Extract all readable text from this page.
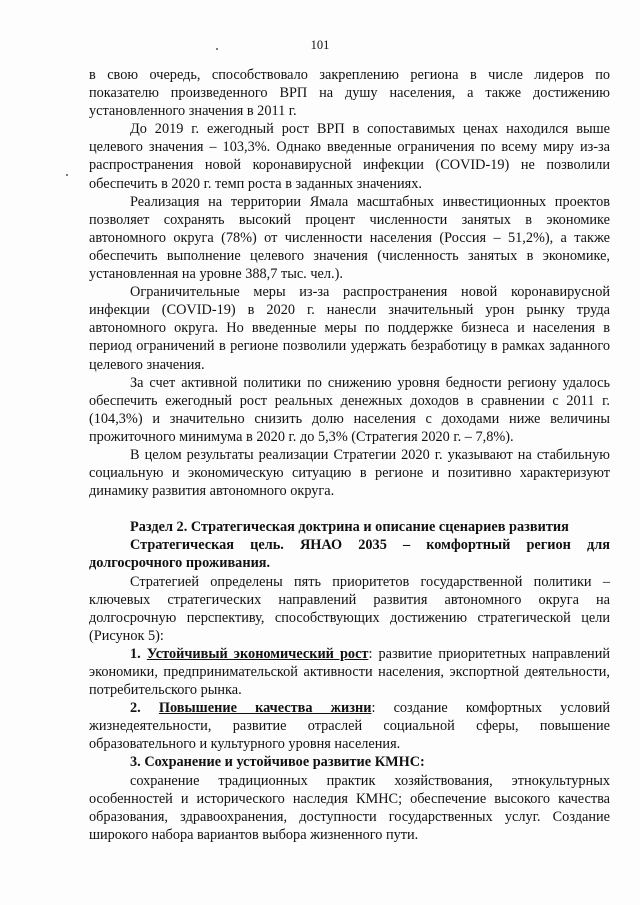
101

в свою очередь, способствовало закреплению региона в числе лидеров по показателю произведенного ВРП на душу населения, а также достижению установленного значения в 2011 г.

До 2019 г. ежегодный рост ВРП в сопоставимых ценах находился выше целевого значения – 103,3%. Однако введенные ограничения по всему миру из-за распространения новой коронавирусной инфекции (COVID-19) не позволили обеспечить в 2020 г. темп роста в заданных значениях.

Реализация на территории Ямала масштабных инвестиционных проектов позволяет сохранять высокий процент численности занятых в экономике автономного округа (78%) от численности населения (Россия – 51,2%), а также обеспечить выполнение целевого значения (численность занятых в экономике, установленная на уровне 388,7 тыс. чел.).

Ограничительные меры из-за распространения новой коронавирусной инфекции (COVID-19) в 2020 г. нанесли значительный урон рынку труда автономного округа. Но введенные меры по поддержке бизнеса и населения в период ограничений в регионе позволили удержать безработицу в рамках заданного целевого значения.

За счет активной политики по снижению уровня бедности региону удалось обеспечить ежегодный рост реальных денежных доходов в сравнении с 2011 г. (104,3%) и значительно снизить долю населения с доходами ниже величины прожиточного минимума в 2020 г. до 5,3% (Стратегия 2020 г. – 7,8%).

В целом результаты реализации Стратегии 2020 г. указывают на стабильную социальную и экономическую ситуацию в регионе и позитивно характеризуют динамику развития автономного округа.

Раздел 2. Стратегическая доктрина и описание сценариев развития

Стратегическая цель. ЯНАО 2035 – комфортный регион для долгосрочного проживания.

Стратегией определены пять приоритетов государственной политики – ключевых стратегических направлений развития автономного округа на долгосрочную перспективу, способствующих достижению стратегической цели (Рисунок 5):

1. Устойчивый экономический рост: развитие приоритетных направлений экономики, предпринимательской активности населения, экспортной деятельности, потребительского рынка.

2. Повышение качества жизни: создание комфортных условий жизнедеятельности, развитие отраслей социальной сферы, повышение образовательного и культурного уровня населения.

3. Сохранение и устойчивое развитие КМНС:

сохранение традиционных практик хозяйствования, этнокультурных особенностей и исторического наследия КМНС; обеспечение высокого качества образования, здравоохранения, доступности государственных услуг. Создание широкого набора вариантов выбора жизненного пути.
